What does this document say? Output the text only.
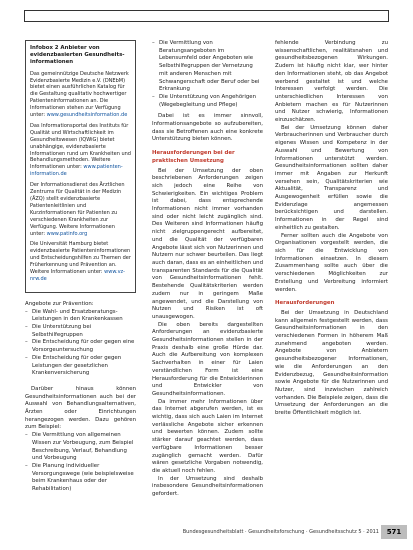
Infobox 2 Anbieter von evidenzbasierten Gesundheits-informationen

Das gemeinnützige Deutsche Netzwerk Evidenzbasierte Medizin e.V. (DNEbM) bietet einen ausführlichen Katalog für die Gestaltung qualitativ hochwertiger Patienteninformationen an. Die Informationen stehen zur Verfügung unter: www.gesundheitsinformation.de

Das Informationsportal des Instituts für Qualität und Wirtschaftlichkeit im Gesundheitswesen (IQWiG) bietet unabhängige, evidenzbasierte Informationen rund um Krankheiten und Behandlungsmethoden. Weitere Informationen unter: www.patienten-information.de

Der Informationsdienst des Ärztlichen Zentrums für Qualität in der Medizin (ÄZQ) stellt evidenzbasierte Patientenleitlinien und Kurzinformationen für Patienten zu verschiedenen Krankheiten zur Verfügung. Weitere Informationen unter: www.patinfo.org

Die Universität Hamburg bietet evidenzbasierte Patienteninformationen und Entscheidungshilfen zu Themen der Früherkennung und Prävention an. Weitere Informationen unter: www.vz-nrw.de

Angebote zur Prävention:
– Die Wahl- und Ersatzberatungs-Leistungen in den Krankenkassen
– Die Unterstützung bei Selbsthilfegruppen
– Die Entscheidung für oder gegen eine Vorsorgeuntersuchung
– Die Entscheidung für oder gegen Leistungen der gesetzlichen Krankenversicherung
Darüber hinaus können Gesundheitsinformationen auch bei der Auswahl von Behandlungsalternativen, Ärzten oder Einrichtungen herangezogen werden. Dazu gehören zum Beispiel:
– Die Vermittlung von allgemeinen Wissen zur Vorbeugung, zum Beispiel Beschreibung, Verlauf, Behandlung und Vorbeugung
– Die Planung individueller Versorgungswege (wie beispielsweise beim Krankenhaus oder der Rehabilitation)
– Die Vermittlung von Beratungsangeboten im Lebensumfeld oder Angeboten wie Selbsthilfegruppen der Vernetzung mit anderen Menschen mit Schwangerschaft oder Beruf oder bei Erkrankung
– Die Unterstützung von Angehörigen (Wegebegleitung und Pflege)
Dabei ist es immer sinnvoll, Informationsangebote so aufzubereiten, dass sie Betroffenen auch eine konkrete Unterstützung bieten können.
Herausforderungen bei der praktischen Umsetzung
Bei der Umsetzung der oben beschriebenen Anforderungen zeigen sich jedoch eine Reihe von Schwierigkeiten. Ein wichtiges Problem ist dabei, dass entsprechende Informationen nicht immer vorhanden sind oder nicht leicht zugänglich sind. Des Weiteren sind Informationen häufig nicht zielgruppengerecht aufbereitet, und die Qualität der verfügbaren Angebote lässt sich von Nutzerinnen und Nutzern nur schwer beurteilen. Das liegt auch daran, dass es an einheitlichen und transparenten Standards für die Qualität von Gesundheitsinformationen fehlt. Bestehende Qualitätskriterien werden zudem nur in geringem Maße angewendet, und die Darstellung von Nutzen und Risiken ist oft unausgewogen.
Die oben bereits dargestellten Anforderungen an evidenzbasierte Gesundheitsinformationen stellen in der Praxis deshalb eine große Hürde dar. Auch die Aufbereitung von komplexen Sachverhalten in einer für Laien verständlichen Form ist eine Herausforderung für die Entwicklerinnen und Entwickler von Gesundheitsinformationen.
Da immer mehr Informationen über das Internet abgerufen werden, ist es wichtig, dass sich auch Laien im Internet verlässliche Angebote sicher erkennen und bewerten können. Zudem sollte stärker darauf geachtet werden, dass verfügbare Informationen besser zugänglich gemacht werden. Dafür wären gesetzliche Vorgaben notwendig, die aktuell noch fehlen.
In der Umsetzung sind deshalb insbesondere Gesundheitsinformationen gefordert.
fehlende Verbindung zu wissenschaftlichen, realitätsnahen und gesundheitsbezogenen Wirkungen. Zudem ist häufig nicht klar, wer hinter den Informationen steht, ob das Angebot werbend gestaltet ist und welche Interessen verfolgt werden. Die unterschiedlichen Interessen von Anbietern machen es für Nutzerinnen und Nutzer schwierig, Informationen einzuschätzen.
Bei der Umsetzung können daher Verbraucherinnen und Verbraucher durch eigenes Wissen und Kompetenz in der Auswahl und Bewertung von Informationen unterstützt werden. Gesundheitsinformationen sollten daher immer mit Angaben zur Herkunft versehen sein, Qualitätskriterien wie Aktualität, Transparenz und Ausgewogenheit erfüllen sowie die Evidenzlage angemessen berücksichtigen und darstellen. Informationen in der Regel sind einheitlich zu gestalten.
Ferner sollten auch die Angebote von Organisationen vorgestellt werden, die sich für die Entwicklung von Informationen einsetzen. In diesem Zusammenhang sollte auch über die verschiedenen Möglichkeiten zur Erstellung und Verbreitung informiert werden.
Herausforderungen
Bei der Umsetzung in Deutschland kann allgemein festgestellt werden, dass Gesundheitsinformationen in den verschiedenen Formen in höherem Maß zunehmend angeboten werden. Angebote von Anbietern gesundheitsbezogener Informationen, wie die Anforderungen an den Evidenzbezug, Gesundheitsinformation sowie Angebote für die Nutzerinnen und Nutzer, sind inzwischen zahlreich vorhanden. Die Beispiele zeigen, dass die Umsetzung der Anforderungen an die breite Öffentlichkeit möglich ist.
Bundesgesundheitsblatt · Gesundheitsforschung · Gesundheitsschutz 5 · 2011	571
